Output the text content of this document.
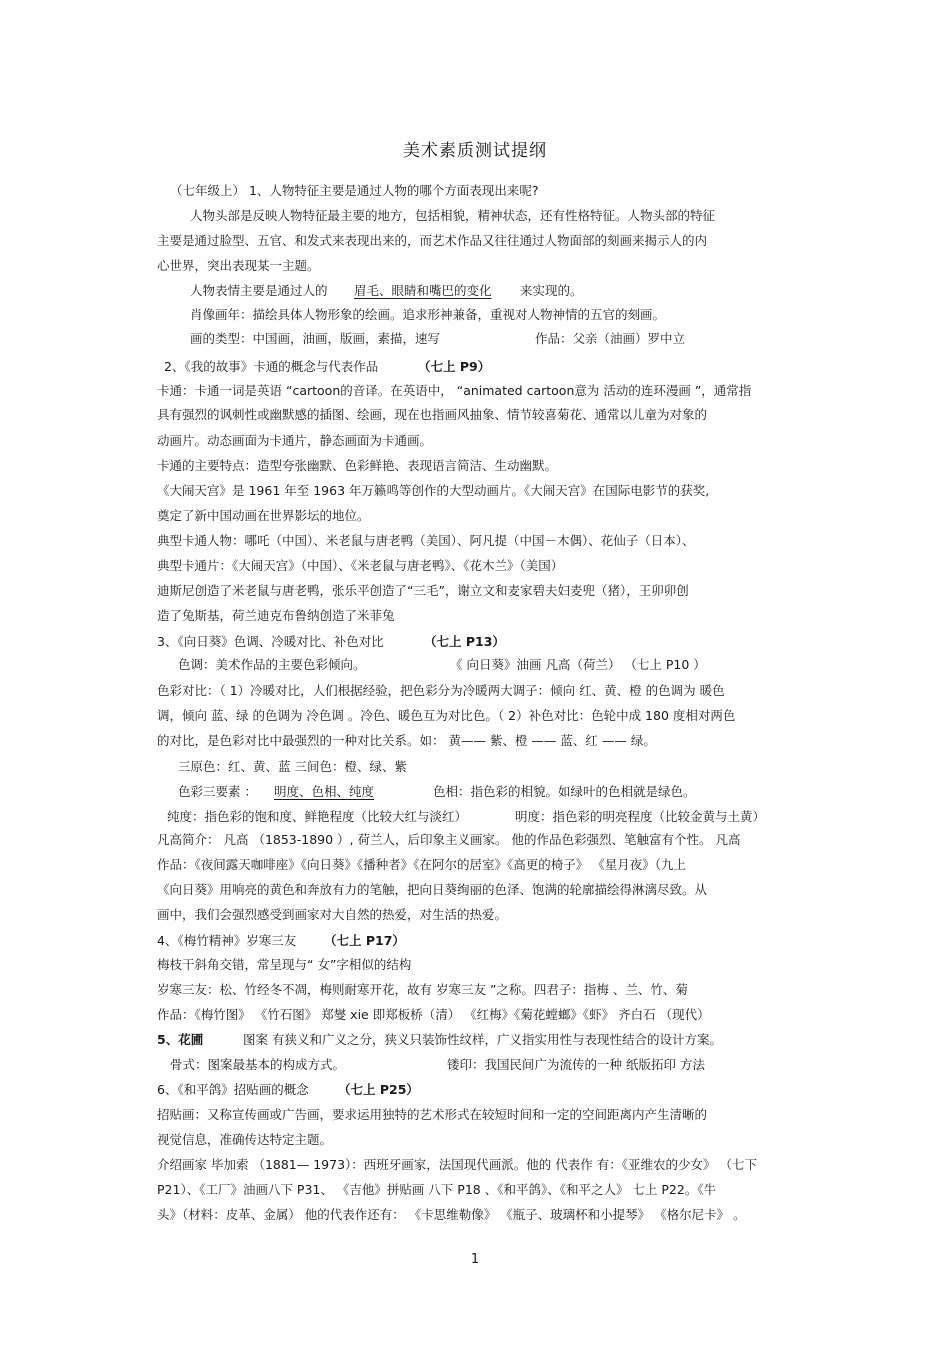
美术素质测试提纲
（七年级上） 1、人物特征主要是通过人物的哪个方面表现出来呢?
人物头部是反映人物特征最主要的地方，包括相貌，精神状态，还有性格特征。人物头部的特征
主要是通过脸型、五官、和发式来表现出来的，而艺术作品又往往通过人物面部的刻画来揭示人的内
心世界，突出表现某一主题。
人物表情主要是通过人的 眉毛、眼睛和嘴巴的变化 来实现的。
肖像画年：描绘具体人物形象的绘画。追求形神兼备，重视对人物神情的五官的刻画。
画的类型：中国画，油画，版画，素描，速写	作品：父亲（油画）罗中立
2、《我的故事》卡通的概念与代表作品	（七上 P9）
卡通：卡通一词是英语 “cartoon的音译。在英语中， “animated cartoon意为 活动的连环漫画 ”，通常指
具有强烈的讽刺性或幽默感的插图、绘画，现在也指画风抽象、情节较喜菊花、通常以儿童为对象的
动画片。动态画面为卡通片，静态画面为卡通画。
卡通的主要特点：造型夸张幽默、色彩鲜艳、表现语言简洁、生动幽默。
《大闹天宫》是 1961 年至 1963 年万籁鸣等创作的大型动画片。《大闹天宫》在国际电影节的获奖,
奠定了新中国动画在世界影坛的地位。
典型卡通人物：哪吒（中国）、米老鼠与唐老鸭（美国）、阿凡提（中国－木偶）、花仙子（日本）、
典型卡通片：《大闹天宫》（中国）、《米老鼠与唐老鸭》、《花木兰》（美国）
迪斯尼创造了米老鼠与唐老鸭，张乐平创造了“三毛”，谢立文和麦家碧夫妇麦兜（猪），王卯卯创
造了兔斯基，荷兰迪克布鲁纳创造了米菲兔
3、《向日葵》色调、冷暖对比、补色对比	（七上 P13）
色调：美术作品的主要色彩倾向。	《 向日葵》油画 凡高（荷兰） （七上 P10 ）
色彩对比：（ 1）冷暖对比，人们根据经验，把色彩分为冷暖两大调子：倾向 红、黄、橙 的色调为 暖色
调，倾向 蓝、绿 的色调为 冷色调 。冷色、暖色互为对比色。（ 2）补色对比：色轮中成 180 度相对两色
的对比，是色彩对比中最强烈的一种对比关系。如： 黄—— 紫、橙 —— 蓝、红 —— 绿。
三原色：红、黄、蓝 三间色：橙、绿、紫
色彩三要素 ： 明度、色相、纯度	色相：指色彩的相貌。如绿叶的色相就是绿色。
纯度：指色彩的饱和度、鲜艳程度（比较大红与淡红）	明度：指色彩的明亮程度（比较金黄与土黄）
凡高简介： 凡高 （1853-1890 ）, 荷兰人，后印象主义画家。 他的作品色彩强烈、笔触富有个性。 凡高
作品：《夜间露天咖啡座》《向日葵》《播种者》《在阿尔的居室》《高更的椅子》 《星月夜》（九上
《向日葵》用响亮的黄色和奔放有力的笔触，把向日葵绚丽的色泽、饱满的轮廓描绘得淋漓尽致。从
画中，我们会强烈感受到画家对大自然的热爱，对生活的热爱。
4、《梅竹精神》岁寒三友 （七上 P17）
梅枝干斜角交错，常呈现与“ 女”字相似的结构
岁寒三友：松、竹经冬不凋，梅则耐寒开花，故有 岁寒三友 ”之称。四君子：指梅 、兰、竹、菊
作品：《梅竹图》 《竹石图》 郑燮 xie 即郑板桥（清） 《红梅》《菊花螳螂》《虾》 齐白石 （现代）
5、花圃	图案 有狭义和广义之分，狭义只装饰性纹样，广义指实用性与表现性结合的设计方案。
骨式：图案最基本的构成方式。	镂印：我国民间广为流传的一种 纸版拓印 方法
6、《和平鸽》招贴画的概念 （七上 P25）
招贴画：又称宣传画或广告画，要求运用独特的艺术形式在较短时间和一定的空间距离内产生清晰的
视觉信息，准确传达特定主题。
介绍画家 毕加索 （1881— 1973）：西班牙画家，法国现代画派。他的 代表作 有：《亚维农的少女》 （七下
P21）、《工厂》油画八下 P31、 《吉他》拼贴画 八下 P18 、《和平鸽》、《和平之人》 七上 P22。《牛
头》（材料：皮革、金属） 他的代表作还有： 《卡思维勒像》 《瓶子、玻璃杯和小提琴》 《格尔尼卡》 。
1
